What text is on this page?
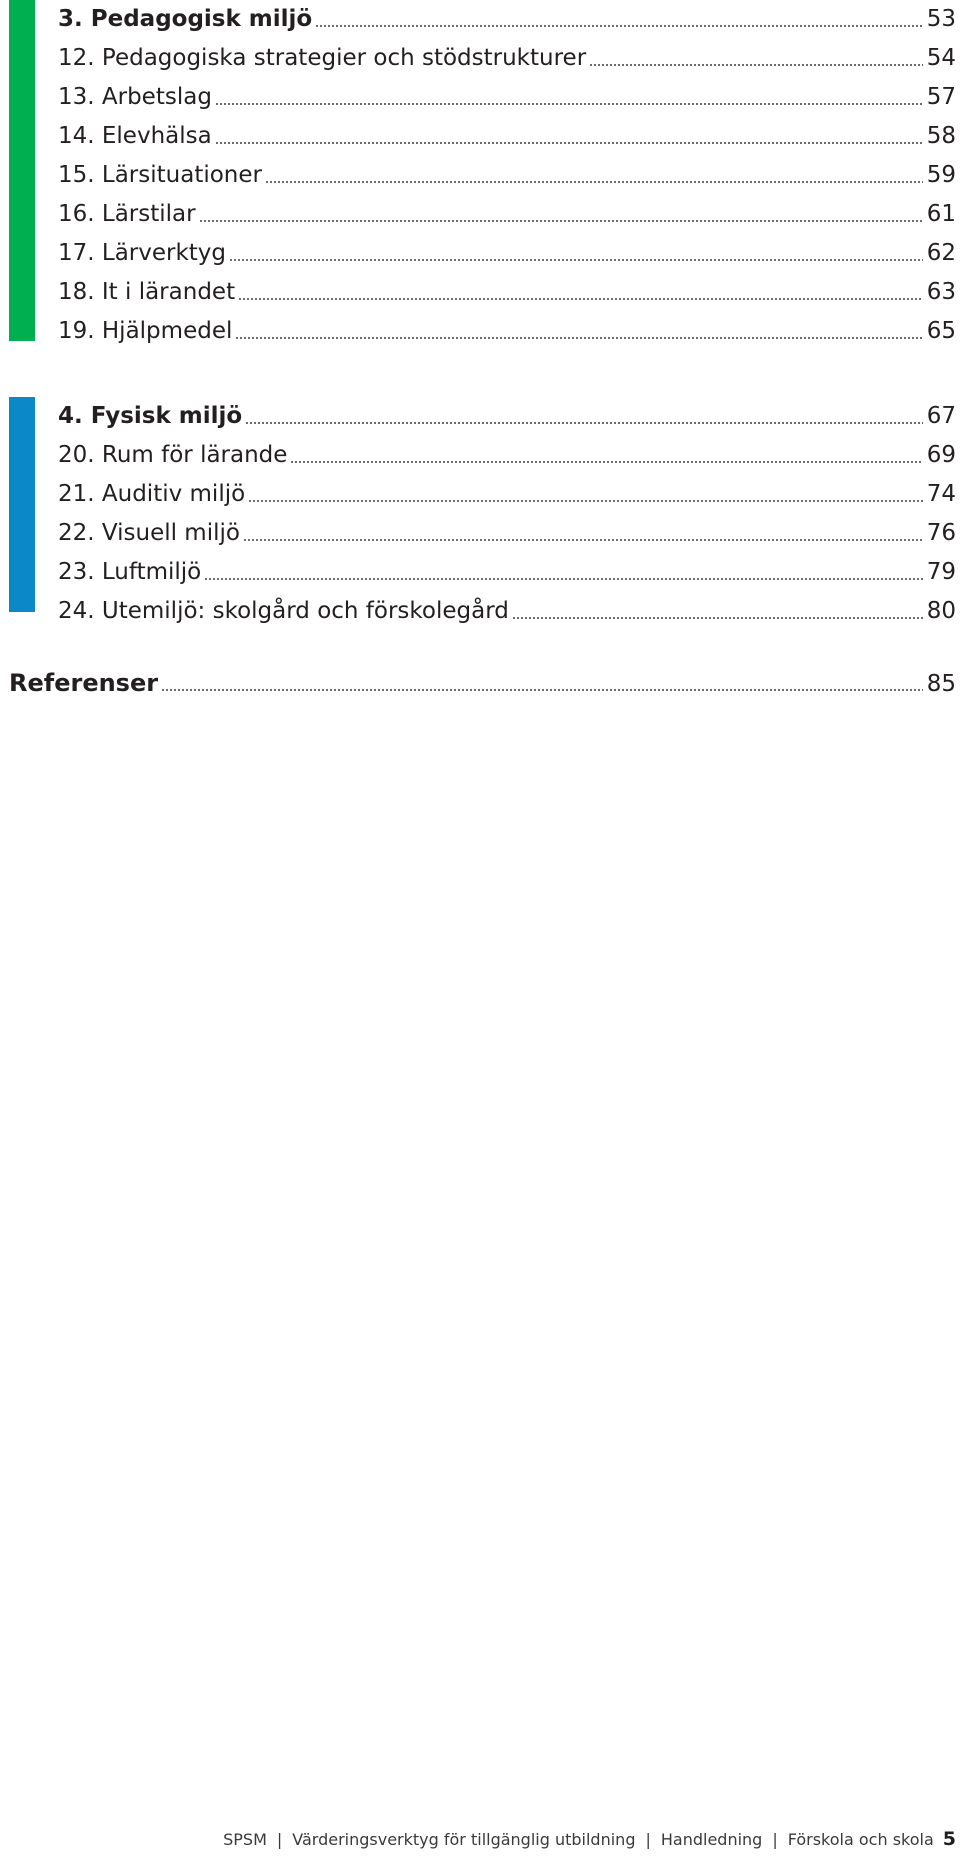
3. Pedagogisk miljö	53
12. Pedagogiska strategier och stödstrukturer	54
13. Arbetslag	57
14. Elevhälsa	58
15. Lärsituationer	59
16. Lärstilar	61
17. Lärverktyg	62
18. It i lärandet	63
19. Hjälpmedel	65
4. Fysisk miljö	67
20. Rum för lärande	69
21. Auditiv miljö	74
22. Visuell miljö	76
23. Luftmiljö	79
24. Utemiljö: skolgård och förskolegård	80
Referenser	85
SPSM | Värderingsverktyg för tillgänglig utbildning | Handledning | Förskola och skola 5
